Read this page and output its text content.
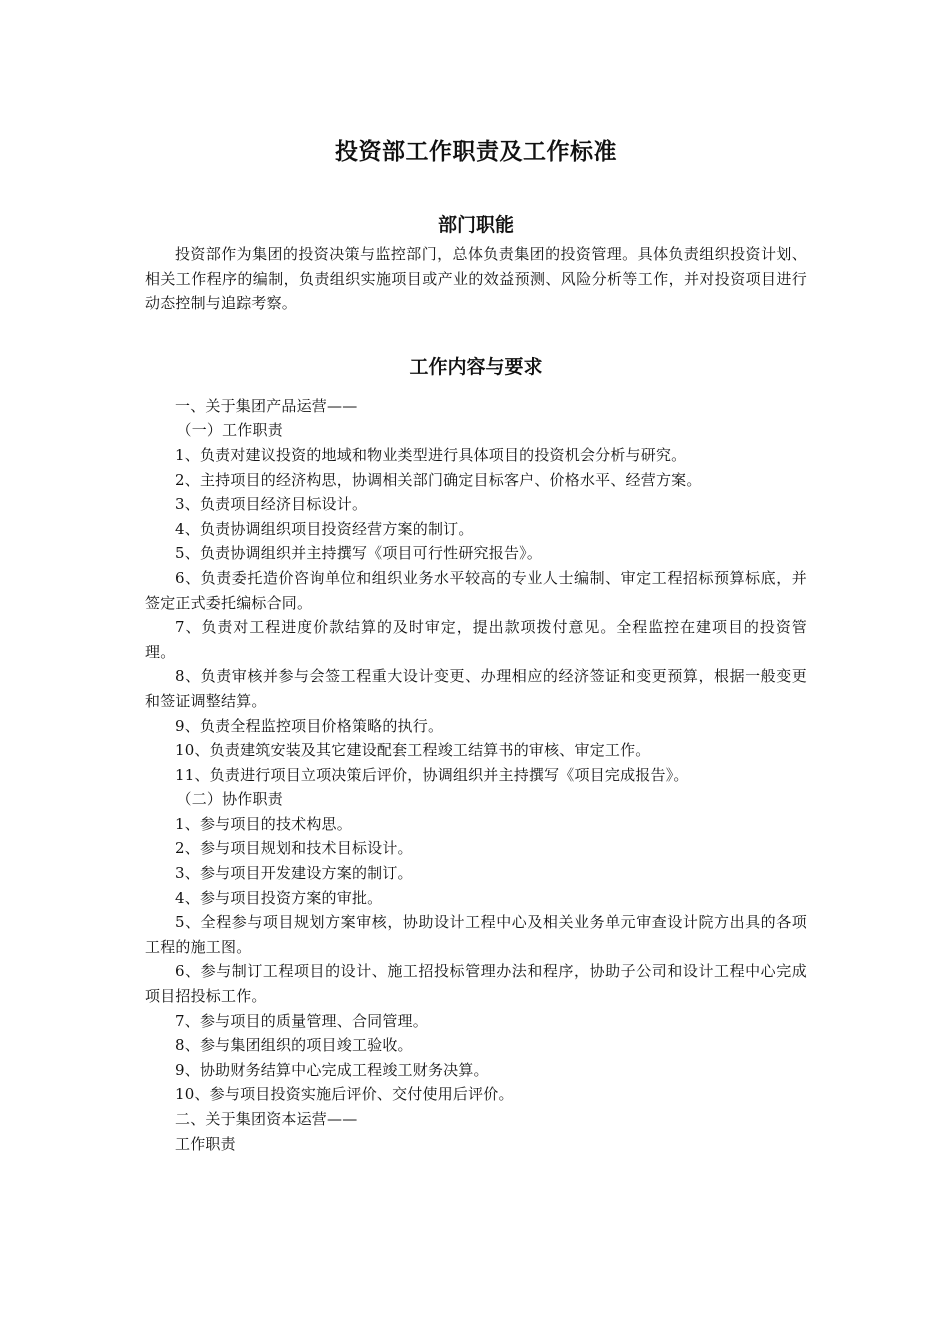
投资部工作职责及工作标准
部门职能

投资部作为集团的投资决策与监控部门，总体负责集团的投资管理。具体负责组织投资计划、相关工作程序的编制，负责组织实施项目或产业的效益预测、风险分析等工作，并对投资项目进行动态控制与追踪考察。

工作内容与要求

一、关于集团产品运营——

（一）工作职责

1、负责对建议投资的地域和物业类型进行具体项目的投资机会分析与研究。

2、主持项目的经济构思，协调相关部门确定目标客户、价格水平、经营方案。

3、负责项目经济目标设计。

4、负责协调组织项目投资经营方案的制订。

5、负责协调组织并主持撰写《项目可行性研究报告》。

6、负责委托造价咨询单位和组织业务水平较高的专业人士编制、审定工程招标预算标底，并签定正式委托编标合同。

7、负责对工程进度价款结算的及时审定，提出款项拨付意见。全程监控在建项目的投资管理。

8、负责审核并参与会签工程重大设计变更、办理相应的经济签证和变更预算，根据一般变更和签证调整结算。

9、负责全程监控项目价格策略的执行。

10、负责建筑安装及其它建设配套工程竣工结算书的审核、审定工作。

11、负责进行项目立项决策后评价，协调组织并主持撰写《项目完成报告》。

（二）协作职责

1、参与项目的技术构思。

2、参与项目规划和技术目标设计。

3、参与项目开发建设方案的制订。

4、参与项目投资方案的审批。

5、全程参与项目规划方案审核，协助设计工程中心及相关业务单元审查设计院方出具的各项工程的施工图。

6、参与制订工程项目的设计、施工招投标管理办法和程序，协助子公司和设计工程中心完成项目招投标工作。

7、参与项目的质量管理、合同管理。

8、参与集团组织的项目竣工验收。

9、协助财务结算中心完成工程竣工财务决算。

10、参与项目投资实施后评价、交付使用后评价。

二、关于集团资本运营——

工作职责
